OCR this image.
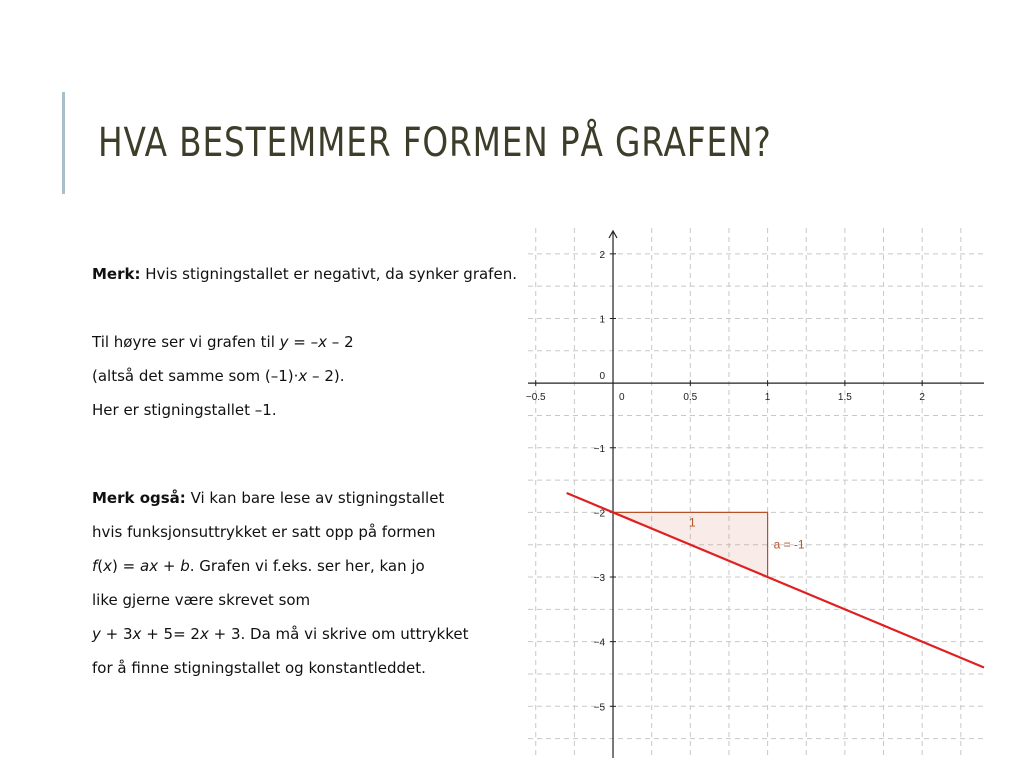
HVA BESTEMMER FORMEN PÅ GRAFEN?

Merk: Hvis stigningstallet er negativt, da synker grafen.

Til høyre ser vi grafen til y = –x – 2

(altså det samme som (–1)·x – 2).

Her er stigningstallet –1.

Merk også: Vi kan bare lese av stigningstallet

hvis funksjonsuttrykket er satt opp på formen

f(x) = ax + b. Grafen vi f.eks. ser her, kan jo

like gjerne være skrevet som

y + 3x + 5= 2x + 3. Da må vi skrive om uttrykket

for å finne stigningstallet og konstantleddet.

−0.5	0	0.5	1	1.5	2
2
1
0
−1
−2
−3
−4
−5
1
a = -1
